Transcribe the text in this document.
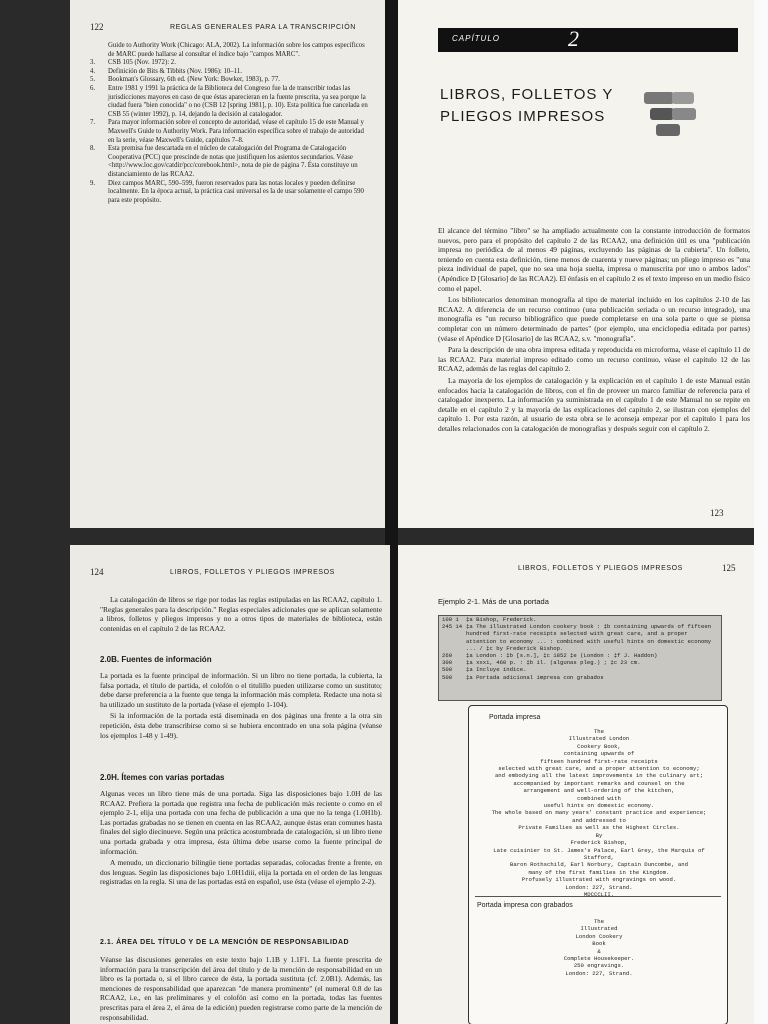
122	REGLAS GENERALES PARA LA TRANSCRIPCIÓN
Guide to Authority Work (Chicago: ALA, 2002). La información sobre los campos específicos de MARC puede hallarse al consultar el índice bajo "campos MARC".
3. CSB 105 (Nov. 1972): 2.
4. Definición de Bits & Tibbits (Nov. 1986): 10–11.
5. Bookman's Glossary, 6th ed. (New York: Bowker, 1983), p. 77.
6. Entre 1981 y 1991 la práctica de la Biblioteca del Congreso fue la de transcribir todas las jurisdicciones mayores en caso de que éstas aparecieran en la fuente prescrita, ya sea porque la ciudad fuera "bien conocida" o no (CSB 12 [spring 1981], p. 10). Esta política fue cancelada en CSB 55 (winter 1992), p. 14, dejando la decisión al catalogador.
7. Para mayor información sobre el concepto de autoridad, véase el capítulo 15 de este Manual y Maxwell's Guide to Authority Work. Para información específica sobre el trabajo de autoridad en la serie, véase Maxwell's Guide, capítulos 7–8.
8. Esta premisa fue descartada en el núcleo de catalogación del Programa de Catalogación Cooperativa (PCC) que prescinde de notas que justifiquen los asientos secundarios. Véase <http://www.loc.gov/catdir/pcc/corebook.html>, nota de pie de página 7. Ésta constituye un distanciamiento de las RCAA2.
9. Diez campos MARC, 590–599, fueron reservados para las notas locales y pueden definirse localmente. En la época actual, la práctica casi universal es la de usar solamente el campo 590 para este propósito.
CAPÍTULO	2
LIBROS, FOLLETOS Y
PLIEGOS IMPRESOS

El alcance del término "libro" se ha ampliado actualmente con la constante introducción de formatos nuevos, pero para el propósito del capítulo 2 de las RCAA2, una definición útil es una "publicación impresa no periódica de al menos 49 páginas, excluyendo las páginas de la cubierta". Un folleto, teniendo en cuenta esta definición, tiene menos de cuarenta y nueve páginas; un pliego impreso es "una pieza individual de papel, que no sea una hoja suelta, impresa o manuscrita por uno o ambos lados" (Apéndice D [Glosario] de las RCAA2). El énfasis en el capítulo 2 es el texto impreso en un medio físico como el papel.

Los bibliotecarios denominan monografía al tipo de material incluido en los capítulos 2-10 de las RCAA2. A diferencia de un recurso continuo (una publicación seriada o un recurso integrado), una monografía es "un recurso bibliográfico que puede completarse en una sola parte o que se piensa completar con un número determinado de partes" (por ejemplo, una enciclopedia editada por partes) (véase el Apéndice D [Glosario] de las RCAA2, s.v. "monografía".

Para la descripción de una obra impresa editada y reproducida en microforma, véase el capítulo 11 de las RCAA2. Para material impreso editado como un recurso continuo, véase el capítulo 12 de las RCAA2, además de las reglas del capítulo 2.

La mayoría de los ejemplos de catalogación y la explicación en el capítulo 1 de este Manual están enfocados hacia la catalogación de libros, con el fin de proveer un marco familiar de referencia para el catalogador inexperto. La información ya suministrada en el capítulo 1 de este Manual no se repite en detalle en el capítulo 2 y la mayoría de las explicaciones del capítulo 2, se ilustran con ejemplos del capítulo 1. Por esta razón, al usuario de esta obra se le aconseja empezar por el capítulo 1 para los detalles relacionados con la catalogación de monografías y después seguir con el capítulo 2.

123
124	LIBROS, FOLLETOS Y PLIEGOS IMPRESOS

La catalogación de libros se rige por todas las reglas estipuladas en las RCAA2, capítulo 1. "Reglas generales para la descripción." Reglas especiales adicionales que se aplican solamente a libros, folletos y pliegos impresos y no a otros tipos de materiales de biblioteca, están contenidas en el capítulo 2 de las RCAA2.

2.0B. Fuentes de información

La portada es la fuente principal de información. Si un libro no tiene portada, la cubierta, la falsa portada, el título de partida, el colofón o el titulillo pueden utilizarse como un sustituto; debe darse preferencia a la fuente que tenga la información más completa. Redacte una nota si ha utilizado un sustituto de la portada (véase el ejemplo 1-104).

Si la información de la portada está diseminada en dos páginas una frente a la otra sin repetición, ésta debe transcribirse como si se hubiera encontrado en una sola página (véanse los ejemplos 1-48 y 1-49).

2.0H. Ítemes con varias portadas

Algunas veces un libro tiene más de una portada. Siga las disposiciones bajo 1.0H de las RCAA2. Prefiera la portada que registra una fecha de publicación más reciente o como en el ejemplo 2-1, elija una portada con una fecha de publicación a una que no la tenga (1.0H1b). Las portadas grabadas no se tienen en cuenta en las RCAA2, aunque éstas eran comunes hasta finales del siglo diecinueve. Según una práctica acostumbrada de catalogación, si un libro tiene una portada grabada y otra impresa, ésta última debe usarse como la fuente principal de información.

A menudo, un diccionario bilingüe tiene portadas separadas, colocadas frente a frente, en dos lenguas. Según las disposiciones bajo 1.0H1diii, elija la portada en el orden de las lenguas registradas en la regla. Si una de las portadas está en español, use ésta (véase el ejemplo 2-2).

2.1. ÁREA DEL TÍTULO Y DE LA MENCIÓN DE RESPONSABILIDAD

Véanse las discusiones generales en este texto bajo 1.1B y 1.1F1. La fuente prescrita de información para la transcripción del área del título y de la mención de responsabilidad en un libro es la portada o, si el libro carece de ésta, la portada sustituta (cf. 2.0B1). Además, las menciones de responsabilidad que aparezcan "de manera prominente" (el numeral 0.8 de las RCAA2, i.e., en las preliminares y el colofón así como en la portada, todas las fuentes prescritas para el área 2, el área de la edición) pueden registrarse como parte de la mención de responsabilidad.

LIBROS, FOLLETOS Y PLIEGOS IMPRESOS	125
Ejemplo 2-1. Más de una portada
100 1	‡a Bishop, Frederick.
245 14 ‡a The illustrated London cookery book : ‡b containing upwards of fifteen hundred first-rate receipts selected with great care, and a proper attention to economy ... : combined with useful hints on domestic economy ... / ‡c by Frederick Bishop.
260	‡a London : ‡b [s.n.], ‡c 1852 ‡e (London : ‡f J. Haddon)
300	‡a xxxi, 460 p. : ‡b il. (algunas pleg.) ; ‡c 23 cm.
500	‡a Incluye índice.
500	‡a Portada adicional impresa con grabados
Portada impresa
The
Illustrated London
Cookery Book,
containing upwards of
fifteen hundred first-rate receipts
selected with great care, and a proper attention to economy;
and embodying all the latest improvements in the culinary art;
accompanied by important remarks and counsel on the
arrangement and well-ordering of the kitchen,
combined with
useful hints on domestic economy.
The whole based on many years' constant practice and experience;
and addressed to
Private Families as well as the Highest Circles.
By
Frederick Bishop,
Late cuisinier to St. James's Palace, Earl Grey, the Marquis of Stafford,
Baron Rothschild, Earl Norbury, Captain Duncombe, and
many of the first families in the Kingdom.
Profusely illustrated with engravings on wood.
London: 227, Strand.
MDCCCLII.
Portada impresa con grabados
The
Illustrated
London Cookery
Book
&
Complete Housekeeper.
250 engravings.
London: 227, Strand.
